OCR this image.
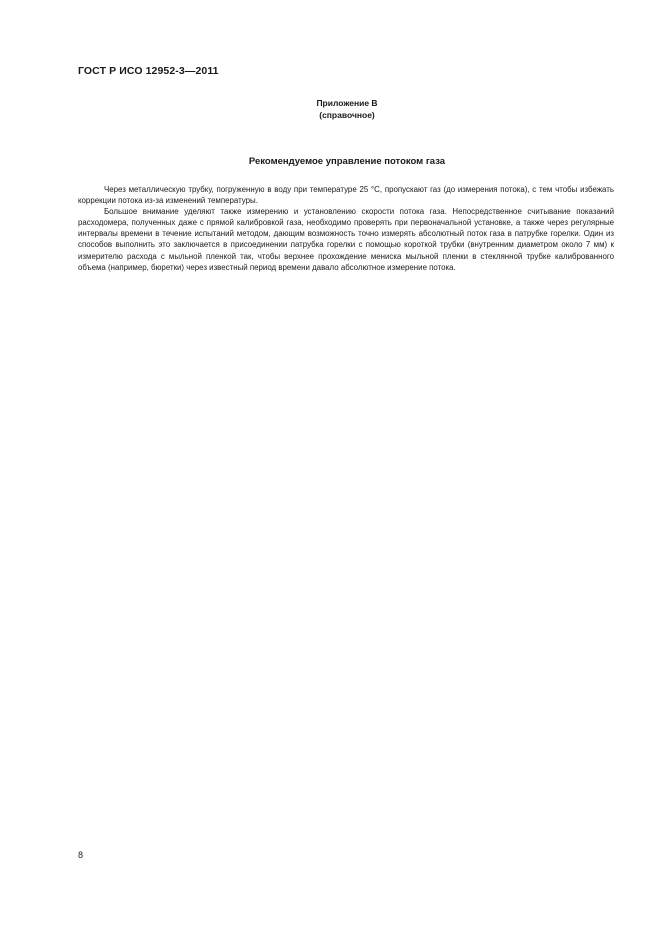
ГОСТ Р ИСО 12952-3—2011
Приложение В
(справочное)
Рекомендуемое управление потоком газа

Через металлическую трубку, погруженную в воду при температуре 25 °С, пропускают газ (до измерения потока), с тем чтобы избежать коррекции потока из-за изменений температуры.

Большое внимание уделяют также измерению и установлению скорости потока газа. Непосредственное считывание показаний расходомера, полученных даже с прямой калибровкой газа, необходимо проверять при первоначальной установке, а также через регулярные интервалы времени в течение испытаний методом, дающим возможность точно измерять абсолютный поток газа в патрубке горелки. Один из способов выполнить это заключается в присоединении патрубка горелки с помощью короткой трубки (внутренним диаметром около 7 мм) к измерителю расхода с мыльной пленкой так, чтобы верхнее прохождение мениска мыльной пленки в стеклянной трубке калиброванного объема (например, бюретки) через известный период времени давало абсолютное измерение потока.

8
